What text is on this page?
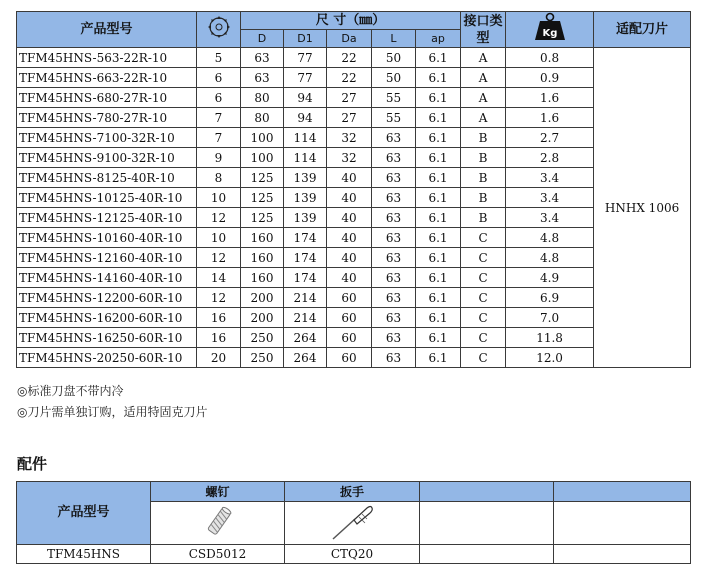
产品型号		尺 寸（㎜）					接口类型	Kg	适配刀片
		D	D1	Da	L	ap			
TFM45HNS-563-22R-10	5	63	77	22	50	6.1	A	0.8	HNHX 1006
TFM45HNS-663-22R-10	6	63	77	22	50	6.1	A	0.9	
TFM45HNS-680-27R-10	6	80	94	27	55	6.1	A	1.6	
TFM45HNS-780-27R-10	7	80	94	27	55	6.1	A	1.6	
TFM45HNS-7100-32R-10	7	100	114	32	63	6.1	B	2.7	
TFM45HNS-9100-32R-10	9	100	114	32	63	6.1	B	2.8	
TFM45HNS-8125-40R-10	8	125	139	40	63	6.1	B	3.4	
TFM45HNS-10125-40R-10	10	125	139	40	63	6.1	B	3.4	
TFM45HNS-12125-40R-10	12	125	139	40	63	6.1	B	3.4	
TFM45HNS-10160-40R-10	10	160	174	40	63	6.1	C	4.8	
TFM45HNS-12160-40R-10	12	160	174	40	63	6.1	C	4.8	
TFM45HNS-14160-40R-10	14	160	174	40	63	6.1	C	4.9	
TFM45HNS-12200-60R-10	12	200	214	60	63	6.1	C	6.9	
TFM45HNS-16200-60R-10	16	200	214	60	63	6.1	C	7.0	
TFM45HNS-16250-60R-10	16	250	264	60	63	6.1	C	11.8	
TFM45HNS-20250-60R-10	20	250	264	60	63	6.1	C	12.0	
◎标准刀盘不带内冷
◎刀片需单独订购，适用特固克刀片
配件
产品型号	螺钉	扳手		

TFM45HNS	CSD5012	CTQ20		
